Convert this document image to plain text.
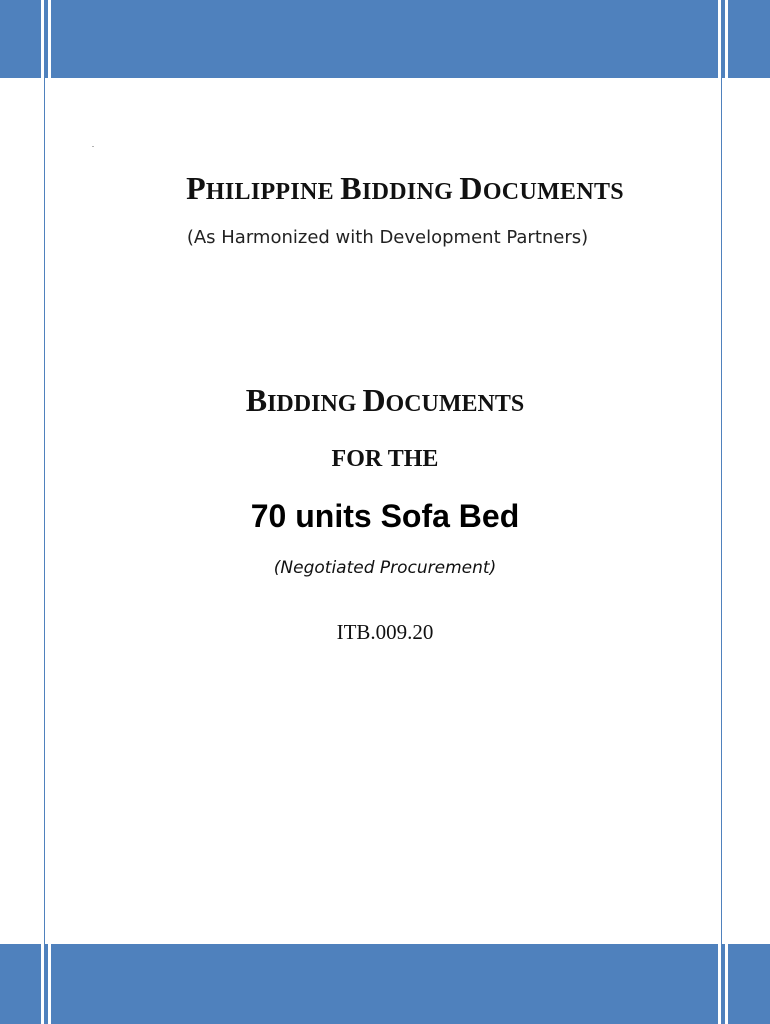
.
PHILIPPINE BIDDING DOCUMENTS
(As Harmonized with Development Partners)
BIDDING DOCUMENTS
FOR THE
70 units Sofa Bed
(Negotiated Procurement)
ITB.009.20
